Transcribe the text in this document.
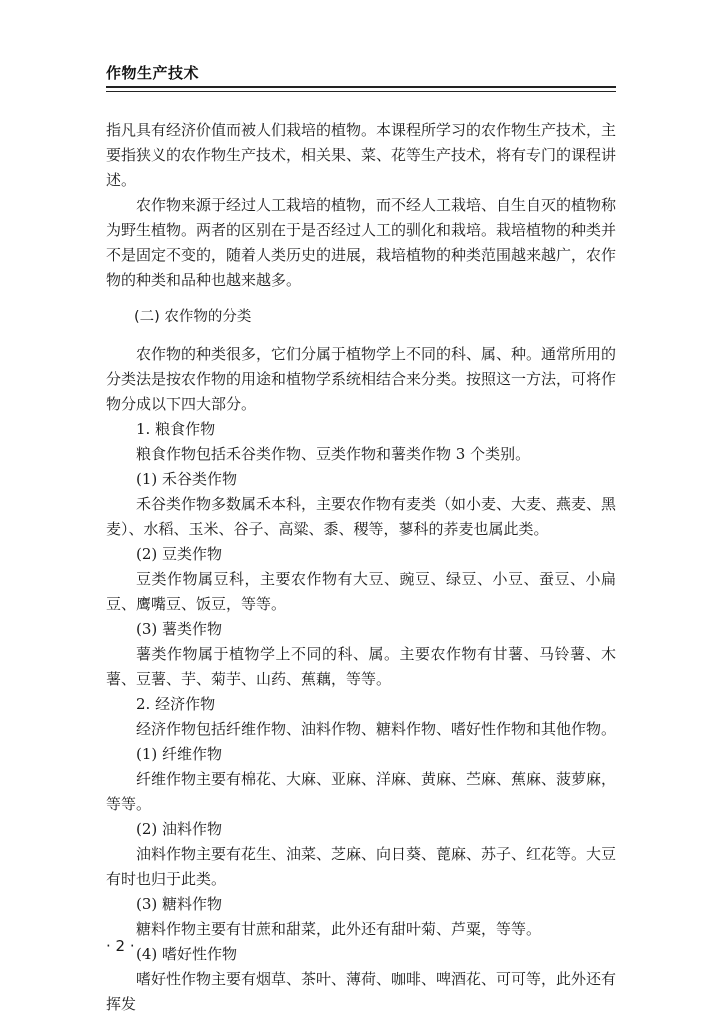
作物生产技术

指凡具有经济价值而被人们栽培的植物。本课程所学习的农作物生产技术，主要指狭义的农作物生产技术，相关果、菜、花等生产技术，将有专门的课程讲述。

农作物来源于经过人工栽培的植物，而不经人工栽培、自生自灭的植物称为野生植物。两者的区别在于是否经过人工的驯化和栽培。栽培植物的种类并不是固定不变的，随着人类历史的进展，栽培植物的种类范围越来越广，农作物的种类和品种也越来越多。

(二) 农作物的分类

农作物的种类很多，它们分属于植物学上不同的科、属、种。通常所用的分类法是按农作物的用途和植物学系统相结合来分类。按照这一方法，可将作物分成以下四大部分。

1. 粮食作物

粮食作物包括禾谷类作物、豆类作物和薯类作物 3 个类别。

(1) 禾谷类作物

禾谷类作物多数属禾本科，主要农作物有麦类（如小麦、大麦、燕麦、黑麦）、水稻、玉米、谷子、高粱、黍、稷等，蓼科的荞麦也属此类。

(2) 豆类作物

豆类作物属豆科，主要农作物有大豆、豌豆、绿豆、小豆、蚕豆、小扁豆、鹰嘴豆、饭豆，等等。

(3) 薯类作物

薯类作物属于植物学上不同的科、属。主要农作物有甘薯、马铃薯、木薯、豆薯、芋、菊芋、山药、蕉藕，等等。

2. 经济作物

经济作物包括纤维作物、油料作物、糖料作物、嗜好性作物和其他作物。

(1) 纤维作物

纤维作物主要有棉花、大麻、亚麻、洋麻、黄麻、苎麻、蕉麻、菠萝麻，等等。

(2) 油料作物

油料作物主要有花生、油菜、芝麻、向日葵、蓖麻、苏子、红花等。大豆有时也归于此类。

(3) 糖料作物

糖料作物主要有甘蔗和甜菜，此外还有甜叶菊、芦粟，等等。

(4) 嗜好性作物

嗜好性作物主要有烟草、茶叶、薄荷、咖啡、啤酒花、可可等，此外还有挥发

· 2 ·
